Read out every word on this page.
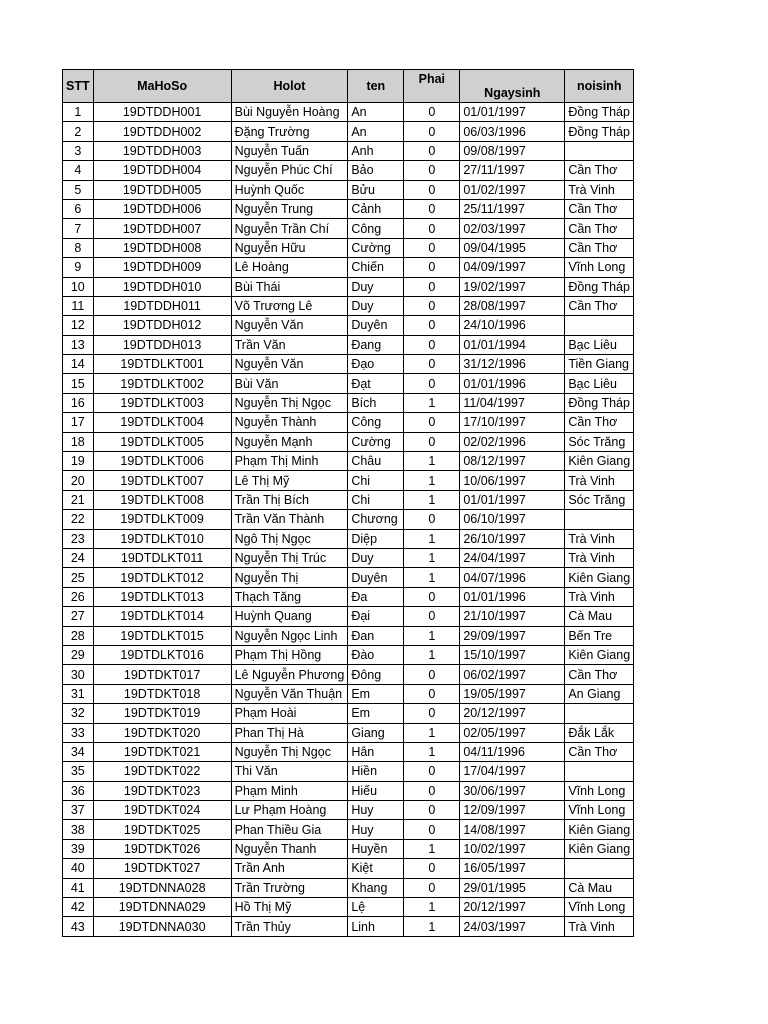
STT	MaHoSo	Holot	ten	Phai	Ngaysinh	noisinh
1	19DTDDH001	Bùi Nguyễn Hoàng	An	0	01/01/1997	Đồng Tháp
2	19DTDDH002	Đặng Trường	An	0	06/03/1996	Đồng Tháp
3	19DTDDH003	Nguyễn Tuấn	Anh	0	09/08/1997	
4	19DTDDH004	Nguyễn Phúc Chí	Bảo	0	27/11/1997	Cần Thơ
5	19DTDDH005	Huỳnh Quốc	Bửu	0	01/02/1997	Trà Vinh
6	19DTDDH006	Nguyễn Trung	Cảnh	0	25/11/1997	Cần Thơ
7	19DTDDH007	Nguyễn Trần Chí	Công	0	02/03/1997	Cần Thơ
8	19DTDDH008	Nguyễn Hữu	Cường	0	09/04/1995	Cần Thơ
9	19DTDDH009	Lê Hoàng	Chiến	0	04/09/1997	Vĩnh Long
10	19DTDDH010	Bùi Thái	Duy	0	19/02/1997	Đồng Tháp
11	19DTDDH011	Võ Trương Lê	Duy	0	28/08/1997	Cần Thơ
12	19DTDDH012	Nguyễn Văn	Duyên	0	24/10/1996	
13	19DTDDH013	Trần Văn	Đang	0	01/01/1994	Bạc Liêu
14	19DTDLKT001	Nguyễn Văn	Đạo	0	31/12/1996	Tiền Giang
15	19DTDLKT002	Bùi Văn	Đạt	0	01/01/1996	Bạc Liêu
16	19DTDLKT003	Nguyễn Thị Ngọc	Bích	1	11/04/1997	Đồng Tháp
17	19DTDLKT004	Nguyễn Thành	Công	0	17/10/1997	Cần Thơ
18	19DTDLKT005	Nguyễn Mạnh	Cường	0	02/02/1996	Sóc Trăng
19	19DTDLKT006	Phạm Thị Minh	Châu	1	08/12/1997	Kiên Giang
20	19DTDLKT007	Lê Thị Mỹ	Chi	1	10/06/1997	Trà Vinh
21	19DTDLKT008	Trần Thị Bích	Chi	1	01/01/1997	Sóc Trăng
22	19DTDLKT009	Trần Văn Thành	Chương	0	06/10/1997	
23	19DTDLKT010	Ngô Thị Ngọc	Diệp	1	26/10/1997	Trà Vinh
24	19DTDLKT011	Nguyễn Thị Trúc	Duy	1	24/04/1997	Trà Vinh
25	19DTDLKT012	Nguyễn Thị	Duyên	1	04/07/1996	Kiên Giang
26	19DTDLKT013	Thạch Tăng	Đa	0	01/01/1996	Trà Vinh
27	19DTDLKT014	Huỳnh Quang	Đại	0	21/10/1997	Cà Mau
28	19DTDLKT015	Nguyễn Ngọc Linh	Đan	1	29/09/1997	Bến Tre
29	19DTDLKT016	Phạm Thị Hồng	Đào	1	15/10/1997	Kiên Giang
30	19DTDKT017	Lê Nguyễn Phương	Đông	0	06/02/1997	Cần Thơ
31	19DTDKT018	Nguyễn Văn Thuận	Em	0	19/05/1997	An Giang
32	19DTDKT019	Phạm Hoài	Em	0	20/12/1997	
33	19DTDKT020	Phan Thị Hà	Giang	1	02/05/1997	Đắk Lắk
34	19DTDKT021	Nguyễn Thị Ngọc	Hân	1	04/11/1996	Cần Thơ
35	19DTDKT022	Thi Văn	Hiền	0	17/04/1997	
36	19DTDKT023	Phạm Minh	Hiếu	0	30/06/1997	Vĩnh Long
37	19DTDKT024	Lư Phạm Hoàng	Huy	0	12/09/1997	Vĩnh Long
38	19DTDKT025	Phan Thiều Gia	Huy	0	14/08/1997	Kiên Giang
39	19DTDKT026	Nguyễn Thanh	Huyền	1	10/02/1997	Kiên Giang
40	19DTDKT027	Trần Anh	Kiệt	0	16/05/1997	
41	19DTDNNA028	Trần Trường	Khang	0	29/01/1995	Cà Mau
42	19DTDNNA029	Hồ Thị Mỹ	Lệ	1	20/12/1997	Vĩnh Long
43	19DTDNNA030	Trần Thủy	Linh	1	24/03/1997	Trà Vinh
